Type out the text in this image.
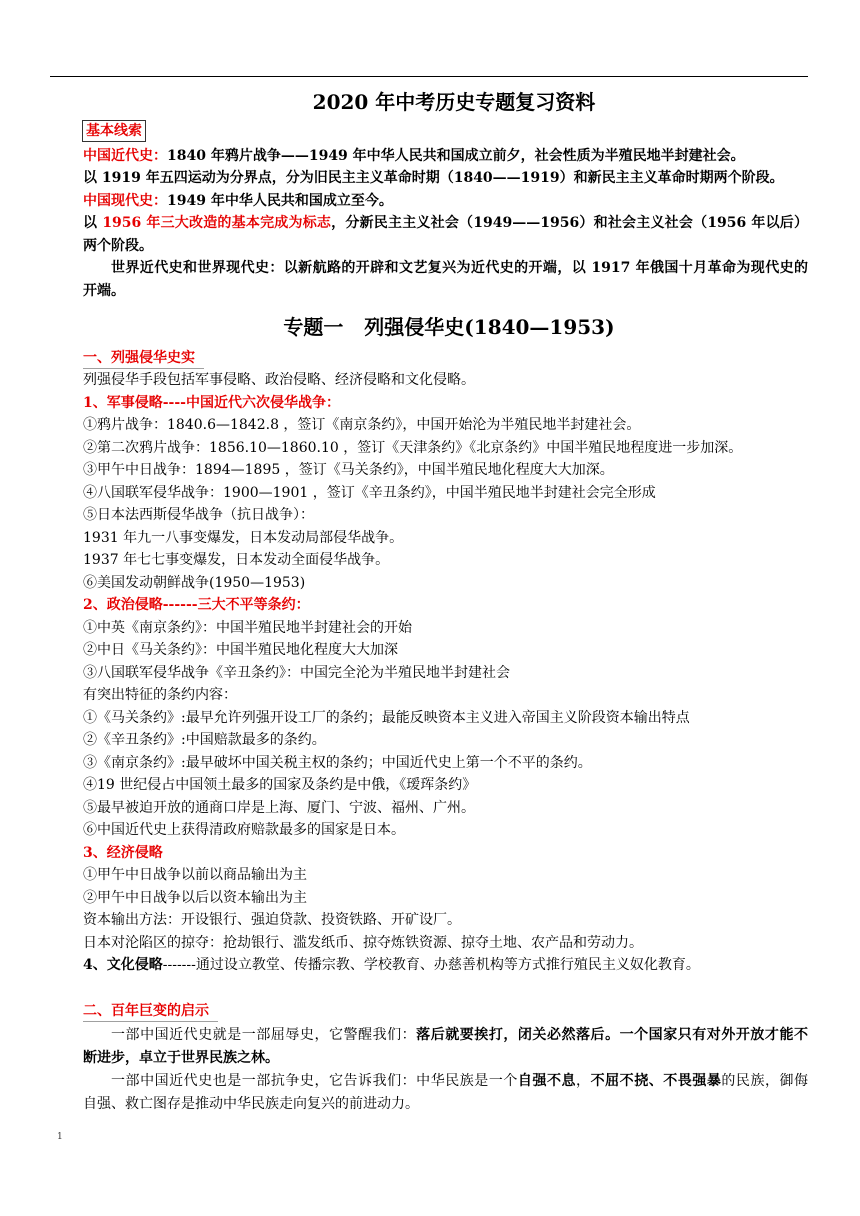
2020 年中考历史专题复习资料
基本线索
中国近代史：1840 年鸦片战争——1949 年中华人民共和国成立前夕，社会性质为半殖民地半封建社会。
以 1919 年五四运动为分界点，分为旧民主主义革命时期（1840——1919）和新民主主义革命时期两个阶段。
中国现代史：1949 年中华人民共和国成立至今。
以 1956 年三大改造的基本完成为标志，分新民主主义社会（1949——1956）和社会主义社会（1956 年以后）
两个阶段。
世界近代史和世界现代史：以新航路的开辟和文艺复兴为近代史的开端，以 1917 年俄国十月革命为现代史的
开端。
专题一   列强侵华史(1840—1953)
一、列强侵华史实
列强侵华手段包括军事侵略、政治侵略、经济侵略和文化侵略。
1、军事侵略----中国近代六次侵华战争：
①鸦片战争：1840.6—1842.8 ，签订《南京条约》，中国开始沦为半殖民地半封建社会。
②第二次鸦片战争：1856.10—1860.10 ，签订《天津条约》《北京条约》中国半殖民地程度进一步加深。
③甲午中日战争：1894—1895 ，签订《马关条约》，中国半殖民地化程度大大加深。
④八国联军侵华战争：1900—1901 ，签订《辛丑条约》，中国半殖民地半封建社会完全形成
⑤日本法西斯侵华战争（抗日战争）：
1931 年九一八事变爆发，日本发动局部侵华战争。
1937 年七七事变爆发，日本发动全面侵华战争。
⑥美国发动朝鲜战争(1950—1953)
2、政治侵略------三大不平等条约：
①中英《南京条约》：中国半殖民地半封建社会的开始
②中日《马关条约》：中国半殖民地化程度大大加深
③八国联军侵华战争《辛丑条约》：中国完全沦为半殖民地半封建社会
有突出特征的条约内容：
①《马关条约》:最早允许列强开设工厂的条约；最能反映资本主义进入帝国主义阶段资本输出特点
②《辛丑条约》:中国赔款最多的条约。
③《南京条约》:最早破坏中国关税主权的条约；中国近代史上第一个不平的条约。
④19 世纪侵占中国领土最多的国家及条约是中俄，《瑷珲条约》
⑤最早被迫开放的通商口岸是上海、厦门、宁波、福州、广州。
⑥中国近代史上获得清政府赔款最多的国家是日本。
3、经济侵略
①甲午中日战争以前以商品输出为主
②甲午中日战争以后以资本输出为主
资本输出方法：开设银行、强迫贷款、投资铁路、开矿设厂。
日本对沦陷区的掠夺：抢劫银行、滥发纸币、掠夺炼铁资源、掠夺土地、农产品和劳动力。
4、文化侵略-------通过设立教堂、传播宗教、学校教育、办慈善机构等方式推行殖民主义奴化教育。
二、百年巨变的启示
一部中国近代史就是一部屈辱史，它警醒我们：落后就要挨打，闭关必然落后。一个国家只有对外开放才能不
断进步，卓立于世界民族之林。
一部中国近代史也是一部抗争史，它告诉我们：中华民族是一个自强不息，不屈不挠、不畏强暴的民族，御侮
自强、救亡图存是推动中华民族走向复兴的前进动力。
1
